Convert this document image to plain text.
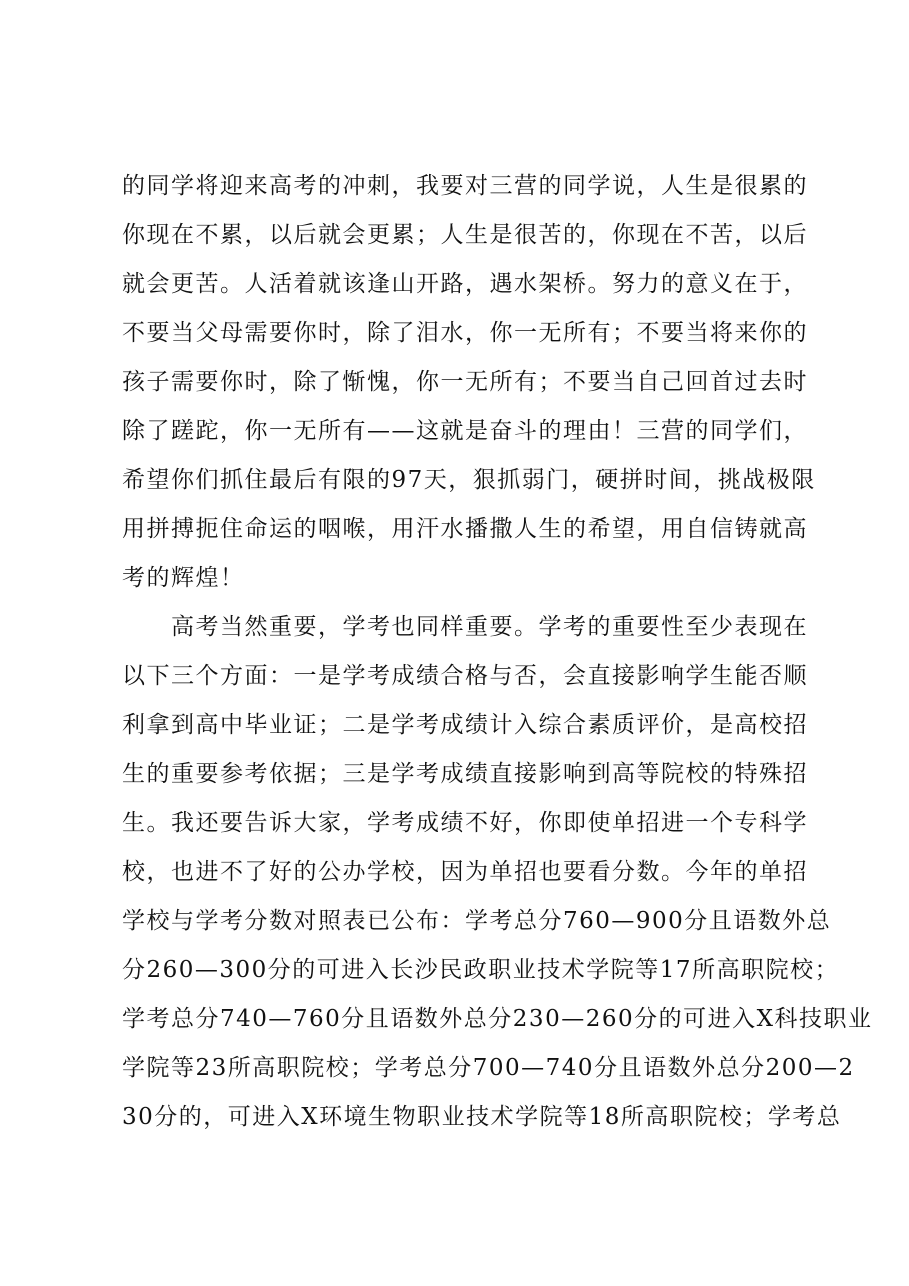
的同学将迎来高考的冲刺，我要对三营的同学说，人生是很累的
你现在不累，以后就会更累；人生是很苦的，你现在不苦，以后
就会更苦。人活着就该逢山开路，遇水架桥。努力的意义在于，
不要当父母需要你时，除了泪水，你一无所有；不要当将来你的
孩子需要你时，除了惭愧，你一无所有；不要当自己回首过去时
除了蹉跎，你一无所有——这就是奋斗的理由！三营的同学们，
希望你们抓住最后有限的97天，狠抓弱门，硬拼时间，挑战极限
用拼搏扼住命运的咽喉，用汗水播撒人生的希望，用自信铸就高
考的辉煌！
　　高考当然重要，学考也同样重要。学考的重要性至少表现在
以下三个方面：一是学考成绩合格与否，会直接影响学生能否顺
利拿到高中毕业证；二是学考成绩计入综合素质评价，是高校招
生的重要参考依据；三是学考成绩直接影响到高等院校的特殊招
生。我还要告诉大家，学考成绩不好，你即使单招进一个专科学
校，也进不了好的公办学校，因为单招也要看分数。今年的单招
学校与学考分数对照表已公布：学考总分760—900分且语数外总
分260—300分的可进入长沙民政职业技术学院等17所高职院校；
学考总分740—760分且语数外总分230—260分的可进入X科技职业
学院等23所高职院校；学考总分700—740分且语数外总分200—2
30分的，可进入X环境生物职业技术学院等18所高职院校；学考总
